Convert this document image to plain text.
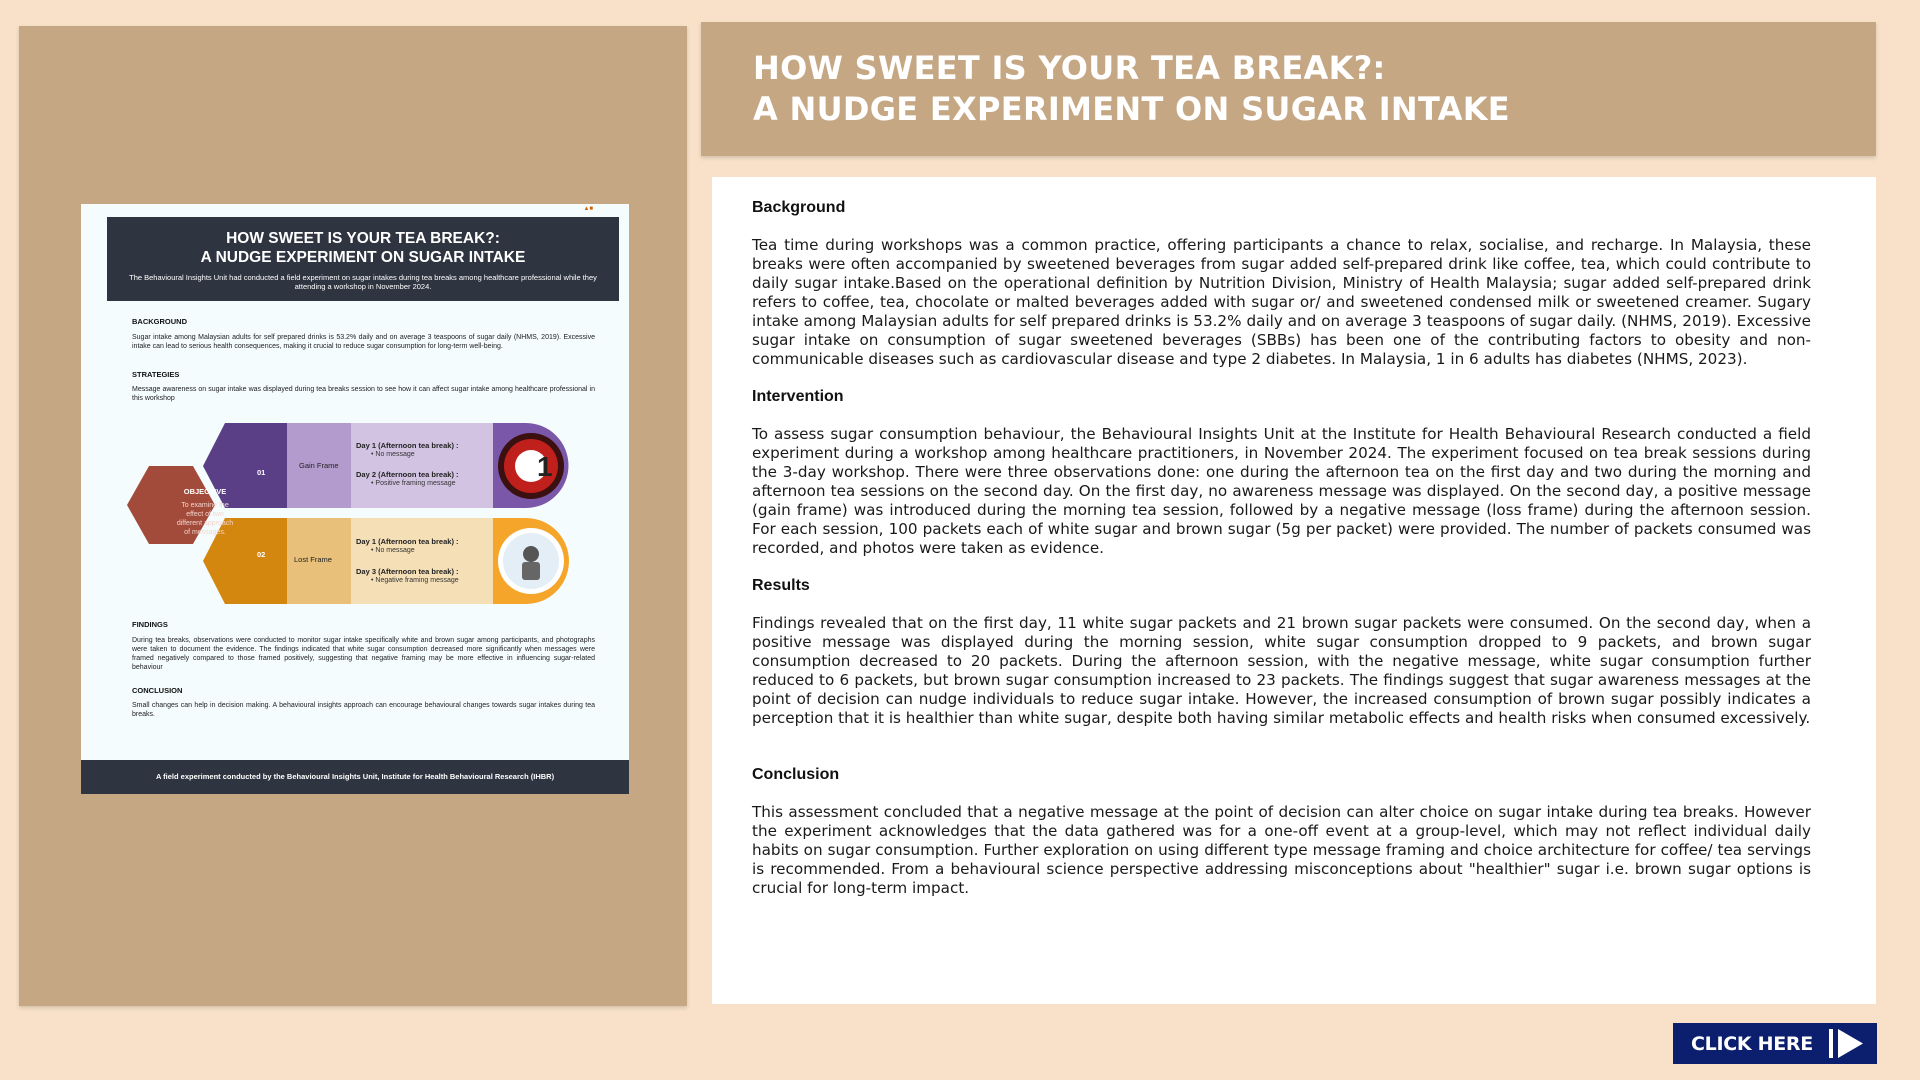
▲■
HOW SWEET IS YOUR TEA BREAK?:
A NUDGE EXPERIMENT ON SUGAR INTAKE
The Behavioural Insights Unit had conducted a field experiment on sugar intakes during tea breaks among healthcare professional while they attending a workshop in November 2024.
BACKGROUND
Sugar intake among Malaysian adults for self prepared drinks is 53.2% daily and on average 3 teaspoons of sugar daily (NHMS, 2019). Excessive intake can lead to serious health consequences, making it crucial to reduce sugar consumption for long-term well-being.
STRATEGIES
Message awareness on sugar intake was displayed during tea breaks session to see how it can affect sugar intake among healthcare professional in this workshop
1
01
02
Gain Frame
Lost Frame
Day 1 (Afternoon tea break) :
• No message
Day 2 (Afternoon tea break) :
• Positive framing message
Day 1 (Afternoon tea break) :
• No message
Day 3 (Afternoon tea break) :
• Negative framing message
OBJECTIVE
To examine the
effect of two
different approach
of messages.
FINDINGS
During tea breaks, observations were conducted to monitor sugar intake specifically white and brown sugar among participants, and photographs were taken to document the evidence. The findings indicated that white sugar consumption decreased more significantly when messages were framed negatively compared to those framed positively, suggesting that negative framing may be more effective in influencing sugar-related behaviour
CONCLUSION
Small changes can help in decision making. A behavioural insights approach can encourage behavioural changes towards sugar intakes during tea breaks.
A field experiment conducted by the Behavioural Insights Unit, Institute for Health Behavioural Research (IHBR)
HOW SWEET IS YOUR TEA BREAK?:
A NUDGE EXPERIMENT ON SUGAR INTAKE
Background
Tea time during workshops was a common practice, offering participants a chance to relax, socialise, and recharge. In Malaysia, these breaks were often accompanied by sweetened beverages from sugar added self-prepared drink like coffee, tea, which could contribute to daily sugar intake.Based on the operational definition by Nutrition Division, Ministry of Health Malaysia; sugar added self-prepared drink refers to coffee, tea, chocolate or malted beverages added with sugar or/ and sweetened condensed milk or sweetened creamer. Sugary intake among Malaysian adults for self prepared drinks is 53.2% daily and on average 3 teaspoons of sugar daily. (NHMS, 2019). Excessive sugar intake on consumption of sugar sweetened beverages (SBBs) has been one of the contributing factors to obesity and non-communicable diseases such as cardiovascular disease and type 2 diabetes. In Malaysia, 1 in 6 adults has diabetes (NHMS, 2023).
Intervention
To assess sugar consumption behaviour, the Behavioural Insights Unit at the Institute for Health Behavioural Research conducted a field experiment during a workshop among healthcare practitioners, in November 2024. The experiment focused on tea break sessions during the 3-day workshop. There were three observations done: one during the afternoon tea on the first day and two during the morning and afternoon tea sessions on the second day. On the first day, no awareness message was displayed. On the second day, a positive message (gain frame) was introduced during the morning tea session, followed by a negative message (loss frame) during the afternoon session. For each session, 100 packets each of white sugar and brown sugar (5g per packet) were provided. The number of packets consumed was recorded, and photos were taken as evidence.
Results
Findings revealed that on the first day, 11 white sugar packets and 21 brown sugar packets were consumed. On the second day, when a positive message was displayed during the morning session, white sugar consumption dropped to 9 packets, and brown sugar consumption decreased to 20 packets. During the afternoon session, with the negative message, white sugar consumption further reduced to 6 packets, but brown sugar consumption increased to 23 packets. The findings suggest that sugar awareness messages at the point of decision can nudge individuals to reduce sugar intake. However, the increased consumption of brown sugar possibly indicates a perception that it is healthier than white sugar, despite both having similar metabolic effects and health risks when consumed excessively.
Conclusion
This assessment concluded that a negative message at the point of decision can alter choice on sugar intake during tea breaks. However the experiment acknowledges that the data gathered was for a one-off event at a group-level, which may not reflect individual daily habits on sugar consumption. Further exploration on using different type message framing and choice architecture for coffee/ tea servings is recommended. From a behavioural science perspective addressing misconceptions about "healthier" sugar i.e. brown sugar options is crucial for long-term impact.
CLICK HERE
